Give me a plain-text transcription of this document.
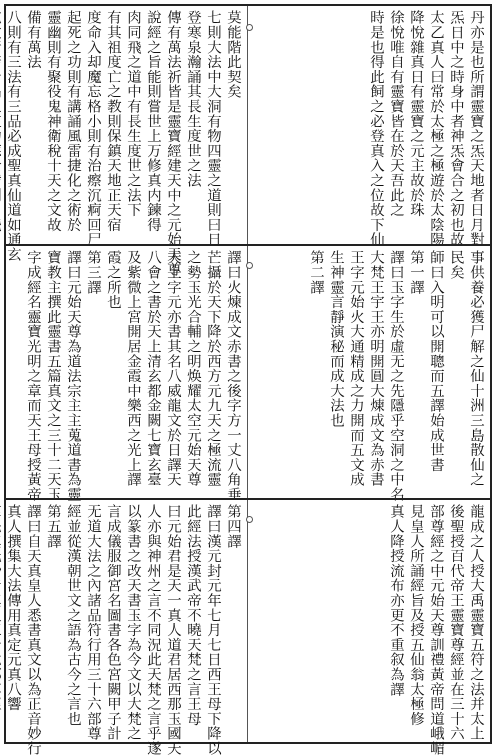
丹亦是也所謂靈寶之炁天地者日月對
炁日中之時身中者神炁會合之初也故
太乙真人曰常於太極之極遊於太陰陽
降悅雜真日有靈寶之元主故於珠
徐悅唯自有靈寶皆在於天吾此之
時是也得此飼之必登真入之位故下仙
莫能階此契矣
七則大法中大洞有物四靈之道則曰日
登寒泉瀚誦其長生度世之法
傳有萬法祈皆是靈寶經建天中之元始天尊
說經之旨能則嘗世上万修真内鍊得
肉同飛之道中有長生度世之法下
有其祖度亡之教則保鎮天地正天宿
度命入却魔忘格小則有治瘵沉痾回尸
起死之功則有講誦風雷捷化之術於
靈幽則有聚役鬼神衛稅十天之文故
備有萬法
八則有三法有三品必成聖真仙道如通玄
事供養必獲尸解之仙十洲三島散仙之
民矣
師曰入明可以開聰而五譯始成世書
第一譯
譯曰玉字生於虛无之先隱乎空洞之中名
大梵王宇王亦明開圓大煉成文為赤書
王字元始火大通精成之力開而五文成
生神靈言靜演秘而成大法也
第二譯
譯曰火煉成文赤書之後字方一丈八角垂
芒攝於天下降於西方元九天之極流靈
之勢玉光合輔之明焕耀太空元始天尊
天上字元亦書其名八威龍文於日譯天
八會之書於天上清玄都金闕七寶玄臺
及紫微上宮開居金霞中樂西之光上譯
霞之所也
第三譯
譯曰元始天尊為道法宗主主蒐道書為靈
寶教主撰此靈書五篇真文之三十二天玉
字成經名靈寶光明之章而天王母授黃帝
龍成之人授大禹靈寶五符之法并太上
後聖授百代帝王靈寶尊經並在三十六
部尊經之中元始天尊訓禮黃帝問道峨嵋
見皇人所誦經旨及授五仙翁太極修
真人降授流布亦更不重叙為譯
第四譯
譯曰漢元封元年七月七日西王母下降以
此經法授漢武帝不曉天梵之言王母
曰元始君是天一真人道君居西那玉國天
人亦與神州之言不同況此天梵之言乎遂
以篆書之改天書玉字為今文以大梵之
言成儀服御宮名圖書各色宮闕甲子計
无道大法之內諸品符行用三十六部尊
經並從漢朝世文之語為古今之言也
第五譯
譯曰自天真皇人悉書真文以為正音妙行
真人撰集大法傳用真定元真八響
